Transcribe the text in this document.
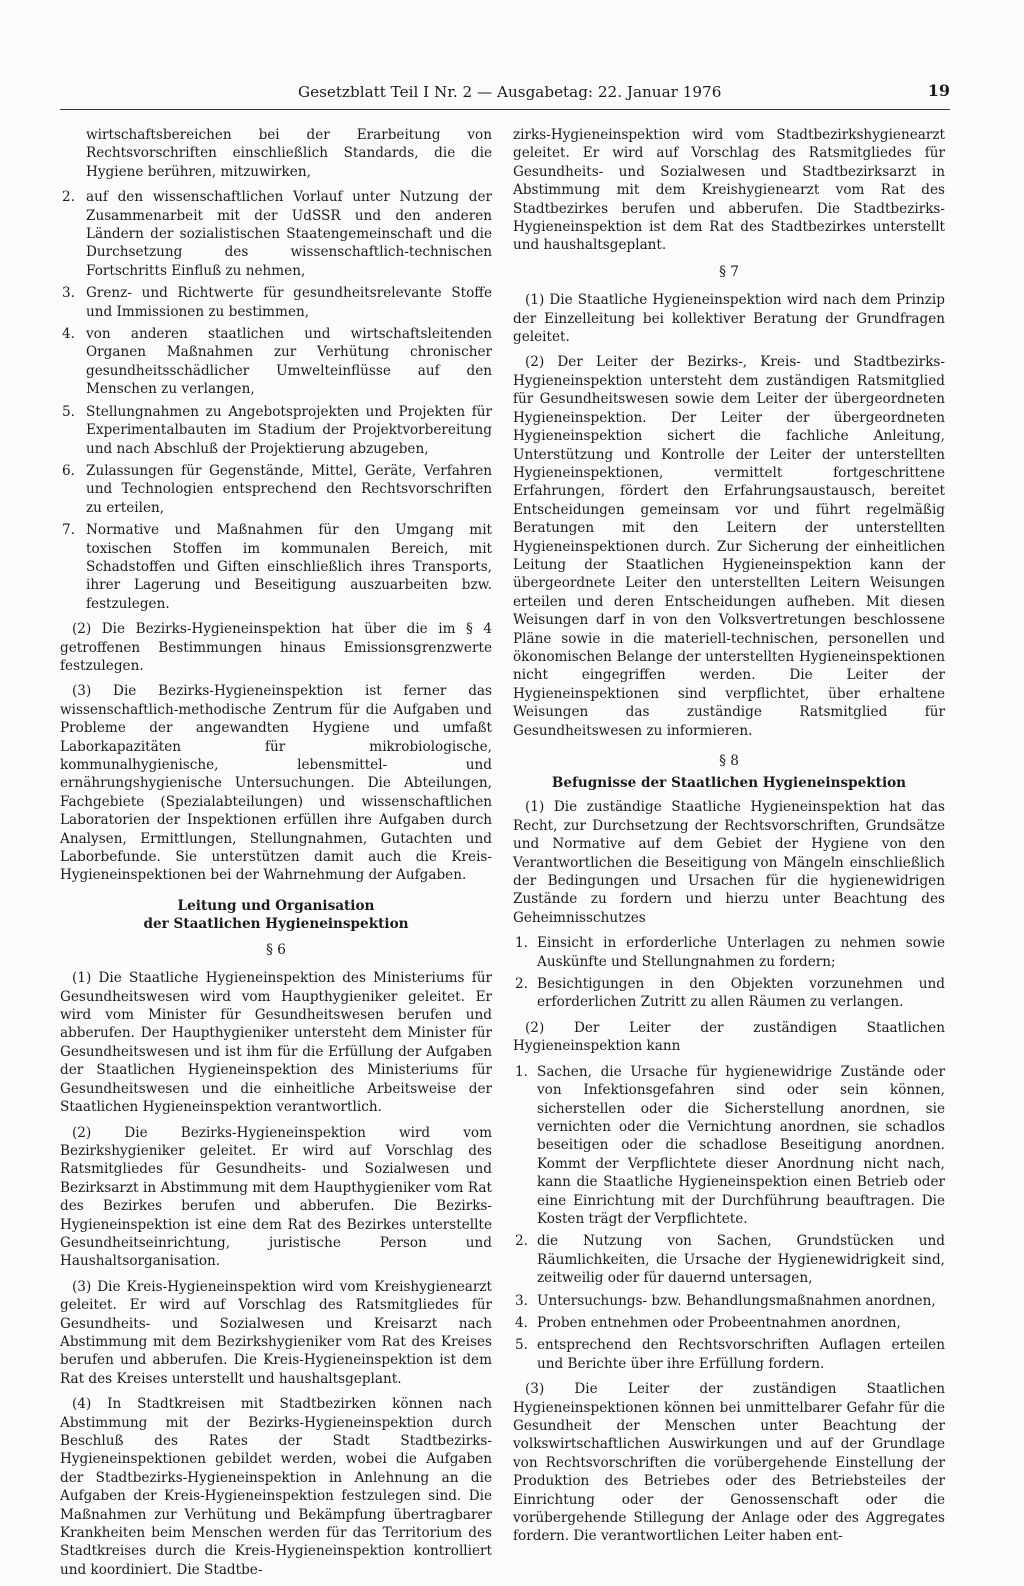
Gesetzblatt Teil I Nr. 2 — Ausgabetag: 22. Januar 1976	19

wirtschaftsbereichen bei der Erarbeitung von Rechtsvorschriften einschließlich Standards, die die Hygiene berühren, mitzuwirken,

2. auf den wissenschaftlichen Vorlauf unter Nutzung der Zusammenarbeit mit der UdSSR und den anderen Ländern der sozialistischen Staatengemeinschaft und die Durchsetzung des wissenschaftlich-technischen Fortschritts Einfluß zu nehmen,
3. Grenz- und Richtwerte für gesundheitsrelevante Stoffe und Immissionen zu bestimmen,
4. von anderen staatlichen und wirtschaftsleitenden Organen Maßnahmen zur Verhütung chronischer gesundheitsschädlicher Umwelteinflüsse auf den Menschen zu verlangen,
5. Stellungnahmen zu Angebotsprojekten und Projekten für Experimentalbauten im Stadium der Projektvorbereitung und nach Abschluß der Projektierung abzugeben,
6. Zulassungen für Gegenstände, Mittel, Geräte, Verfahren und Technologien entsprechend den Rechtsvorschriften zu erteilen,
7. Normative und Maßnahmen für den Umgang mit toxischen Stoffen im kommunalen Bereich, mit Schadstoffen und Giften einschließlich ihres Transports, ihrer Lagerung und Beseitigung auszuarbeiten bzw. festzulegen.

(2) Die Bezirks-Hygieneinspektion hat über die im § 4 getroffenen Bestimmungen hinaus Emissionsgrenzwerte festzulegen.

(3) Die Bezirks-Hygieneinspektion ist ferner das wissenschaftlich-methodische Zentrum für die Aufgaben und Probleme der angewandten Hygiene und umfaßt Laborkapazitäten für mikrobiologische, kommunalhygienische, lebensmittel- und ernährungshygienische Untersuchungen. Die Abteilungen, Fachgebiete (Spezialabteilungen) und wissenschaftlichen Laboratorien der Inspektionen erfüllen ihre Aufgaben durch Analysen, Ermittlungen, Stellungnahmen, Gutachten und Laborbefunde. Sie unterstützen damit auch die Kreis-Hygieneinspektionen bei der Wahrnehmung der Aufgaben.

Leitung und Organisation
der Staatlichen Hygieneinspektion
§ 6

(1) Die Staatliche Hygieneinspektion des Ministeriums für Gesundheitswesen wird vom Haupthygieniker geleitet. Er wird vom Minister für Gesundheitswesen berufen und abberufen. Der Haupthygieniker untersteht dem Minister für Gesundheitswesen und ist ihm für die Erfüllung der Aufgaben der Staatlichen Hygieneinspektion des Ministeriums für Gesundheitswesen und die einheitliche Arbeitsweise der Staatlichen Hygieneinspektion verantwortlich.

(2) Die Bezirks-Hygieneinspektion wird vom Bezirkshygieniker geleitet. Er wird auf Vorschlag des Ratsmitgliedes für Gesundheits- und Sozialwesen und Bezirksarzt in Abstimmung mit dem Haupthygieniker vom Rat des Bezirkes berufen und abberufen. Die Bezirks-Hygieneinspektion ist eine dem Rat des Bezirkes unterstellte Gesundheitseinrichtung, juristische Person und Haushaltsorganisation.

(3) Die Kreis-Hygieneinspektion wird vom Kreishygienearzt geleitet. Er wird auf Vorschlag des Ratsmitgliedes für Gesundheits- und Sozialwesen und Kreisarzt nach Abstimmung mit dem Bezirkshygieniker vom Rat des Kreises berufen und abberufen. Die Kreis-Hygieneinspektion ist dem Rat des Kreises unterstellt und haushaltsgeplant.

(4) In Stadtkreisen mit Stadtbezirken können nach Abstimmung mit der Bezirks-Hygieneinspektion durch Beschluß des Rates der Stadt Stadtbezirks-Hygieneinspektionen gebildet werden, wobei die Aufgaben der Stadtbezirks-Hygieneinspektion in Anlehnung an die Aufgaben der Kreis-Hygieneinspektion festzulegen sind. Die Maßnahmen zur Verhütung und Bekämpfung übertragbarer Krankheiten beim Menschen werden für das Territorium des Stadtkreises durch die Kreis-Hygieneinspektion kontrolliert und koordiniert. Die Stadtbe-

zirks-Hygieneinspektion wird vom Stadtbezirkshygienearzt geleitet. Er wird auf Vorschlag des Ratsmitgliedes für Gesundheits- und Sozialwesen und Stadtbezirksarzt in Abstimmung mit dem Kreishygienearzt vom Rat des Stadtbezirkes berufen und abberufen. Die Stadtbezirks-Hygieneinspektion ist dem Rat des Stadtbezirkes unterstellt und haushaltsgeplant.

§ 7

(1) Die Staatliche Hygieneinspektion wird nach dem Prinzip der Einzelleitung bei kollektiver Beratung der Grundfragen geleitet.

(2) Der Leiter der Bezirks-, Kreis- und Stadtbezirks-Hygieneinspektion untersteht dem zuständigen Ratsmitglied für Gesundheitswesen sowie dem Leiter der übergeordneten Hygieneinspektion. Der Leiter der übergeordneten Hygieneinspektion sichert die fachliche Anleitung, Unterstützung und Kontrolle der Leiter der unterstellten Hygieneinspektionen, vermittelt fortgeschrittene Erfahrungen, fördert den Erfahrungsaustausch, bereitet Entscheidungen gemeinsam vor und führt regelmäßig Beratungen mit den Leitern der unterstellten Hygieneinspektionen durch. Zur Sicherung der einheitlichen Leitung der Staatlichen Hygieneinspektion kann der übergeordnete Leiter den unterstellten Leitern Weisungen erteilen und deren Entscheidungen aufheben. Mit diesen Weisungen darf in von den Volksvertretungen beschlossene Pläne sowie in die materiell-technischen, personellen und ökonomischen Belange der unterstellten Hygieneinspektionen nicht eingegriffen werden. Die Leiter der Hygieneinspektionen sind verpflichtet, über erhaltene Weisungen das zuständige Ratsmitglied für Gesundheitswesen zu informieren.

§ 8
Befugnisse der Staatlichen Hygieneinspektion

(1) Die zuständige Staatliche Hygieneinspektion hat das Recht, zur Durchsetzung der Rechtsvorschriften, Grundsätze und Normative auf dem Gebiet der Hygiene von den Verantwortlichen die Beseitigung von Mängeln einschließlich der Bedingungen und Ursachen für die hygienewidrigen Zustände zu fordern und hierzu unter Beachtung des Geheimnisschutzes

1. Einsicht in erforderliche Unterlagen zu nehmen sowie Auskünfte und Stellungnahmen zu fordern;
2. Besichtigungen in den Objekten vorzunehmen und erforderlichen Zutritt zu allen Räumen zu verlangen.

(2) Der Leiter der zuständigen Staatlichen Hygieneinspektion kann

1. Sachen, die Ursache für hygienewidrige Zustände oder von Infektionsgefahren sind oder sein können, sicherstellen oder die Sicherstellung anordnen, sie vernichten oder die Vernichtung anordnen, sie schadlos beseitigen oder die schadlose Beseitigung anordnen. Kommt der Verpflichtete dieser Anordnung nicht nach, kann die Staatliche Hygieneinspektion einen Betrieb oder eine Einrichtung mit der Durchführung beauftragen. Die Kosten trägt der Verpflichtete.
2. die Nutzung von Sachen, Grundstücken und Räumlichkeiten, die Ursache der Hygienewidrigkeit sind, zeitweilig oder für dauernd untersagen,
3. Untersuchungs- bzw. Behandlungsmaßnahmen anordnen,
4. Proben entnehmen oder Probeentnahmen anordnen,
5. entsprechend den Rechtsvorschriften Auflagen erteilen und Berichte über ihre Erfüllung fordern.

(3) Die Leiter der zuständigen Staatlichen Hygieneinspektionen können bei unmittelbarer Gefahr für die Gesundheit der Menschen unter Beachtung der volkswirtschaftlichen Auswirkungen und auf der Grundlage von Rechtsvorschriften die vorübergehende Einstellung der Produktion des Betriebes oder des Betriebsteiles der Einrichtung oder der Genossenschaft oder die vorübergehende Stillegung der Anlage oder des Aggregates fordern. Die verantwortlichen Leiter haben ent-
